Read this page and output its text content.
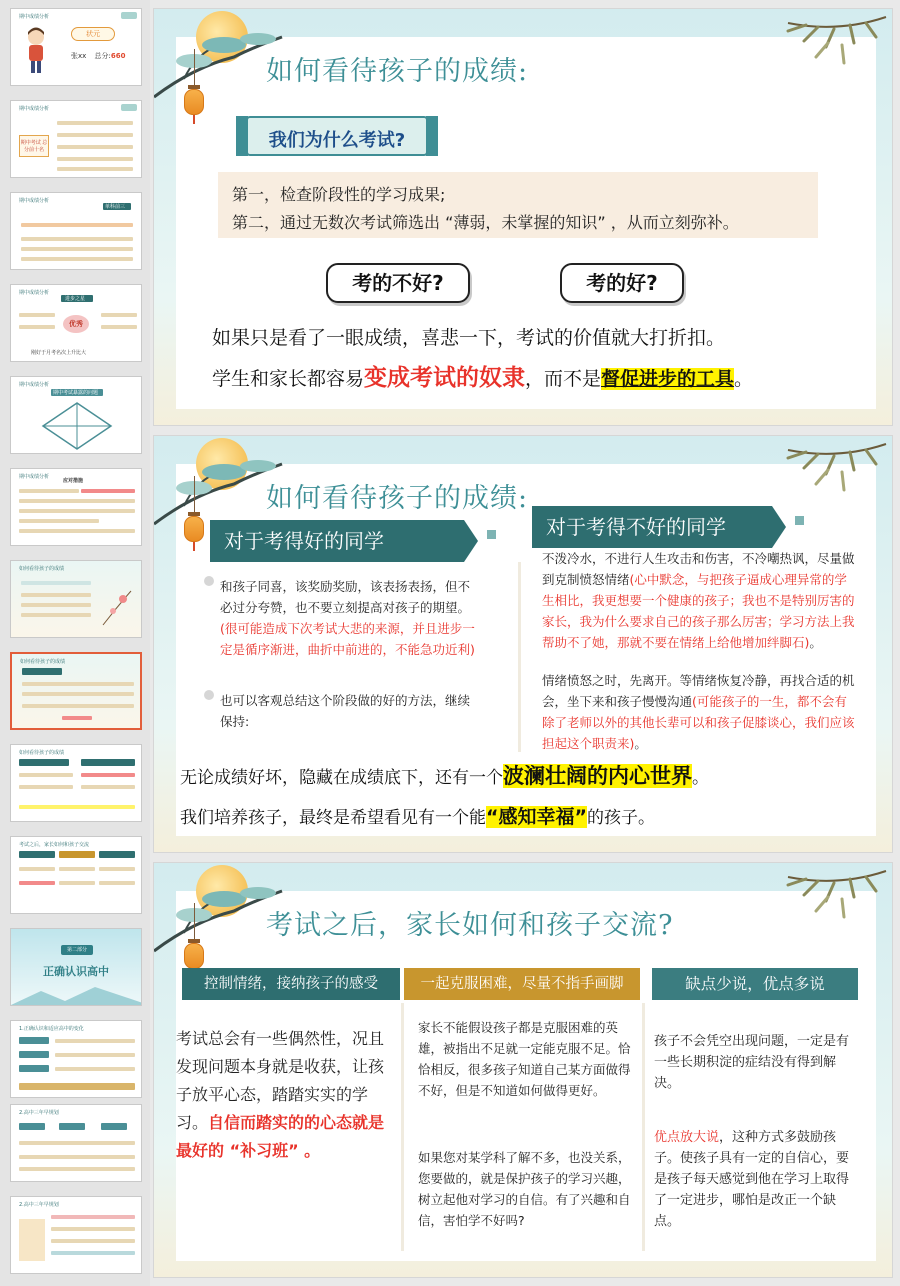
期中成绩分析
状元
张xx 总分:660
期中成绩分析
期中考试 总分前十名
期中成绩分析
单科前三
期中成绩分析
进步之星
优秀
刚好于月考名次上升比大
期中成绩分析
期中考试暴露的问题
期中成绩分析
应对措施
如何看待孩子的成绩
如何看待孩子的成绩
如何看待孩子的成绩
考试之后，家长如何和孩子交流
第二部分
正确认识高中
1.正确认识和适应高中的变化
2.高中三年早规划
2.高中三年早规划
如何看待孩子的成绩:
我们为什么考试?
第一，检查阶段性的学习成果;
第二，通过无数次考试筛选出 “薄弱，未掌握的知识” ，从而立刻弥补。
考的不好?	考的好?
如果只是看了一眼成绩，喜悲一下，考试的价值就大打折扣。
学生和家长都容易变成考试的奴隶，而不是督促进步的工具。
如何看待孩子的成绩:
对于考得好的同学
对于考得不好的同学
和孩子同喜，该奖励奖励，该表扬表扬，但不必过分夸赞，也不要立刻提高对孩子的期望。(很可能造成下次考试大悲的来源，并且进步一定是循序渐进，曲折中前进的，不能急功近利)
也可以客观总结这个阶段做的好的方法，继续保持:
不泼冷水，不进行人生攻击和伤害，不冷嘲热讽，尽量做到克制愤怒情绪(心中默念，与把孩子逼成心理异常的学生相比，我更想要一个健康的孩子；我也不是特别厉害的家长，我为什么要求自己的孩子那么厉害；学习方法上我帮助不了她，那就不要在情绪上给他增加绊脚石)。
情绪愤怒之时，先离开。等情绪恢复冷静，再找合适的机会，坐下来和孩子慢慢沟通(可能孩子的一生，都不会有除了老师以外的其他长辈可以和孩子促膝谈心，我们应该担起这个职责来)。
无论成绩好坏，隐藏在成绩底下，还有一个波澜壮阔的内心世界。
我们培养孩子，最终是希望看见有一个能“感知幸福”的孩子。
考试之后，家长如何和孩子交流?
控制情绪，接纳孩子的感受	一起克服困难，尽量不指手画脚	缺点少说，优点多说
考试总会有一些偶然性，况且发现问题本身就是收获，让孩子放平心态，踏踏实实的学习。自信而踏实的的心态就是最好的 “补习班” 。
家长不能假设孩子都是克服困难的英雄，被指出不足就一定能克服不足。恰恰相反，很多孩子知道自己某方面做得不好，但是不知道如何做得更好。
如果您对某学科了解不多，也没关系，您要做的，就是保护孩子的学习兴趣，树立起他对学习的自信。有了兴趣和自信，害怕学不好吗?
孩子不会凭空出现问题，一定是有一些长期积淀的症结没有得到解决。
优点放大说，这种方式多鼓励孩子。使孩子具有一定的自信心，要是孩子每天感觉到他在学习上取得了一定进步，哪怕是改正一个缺点。
